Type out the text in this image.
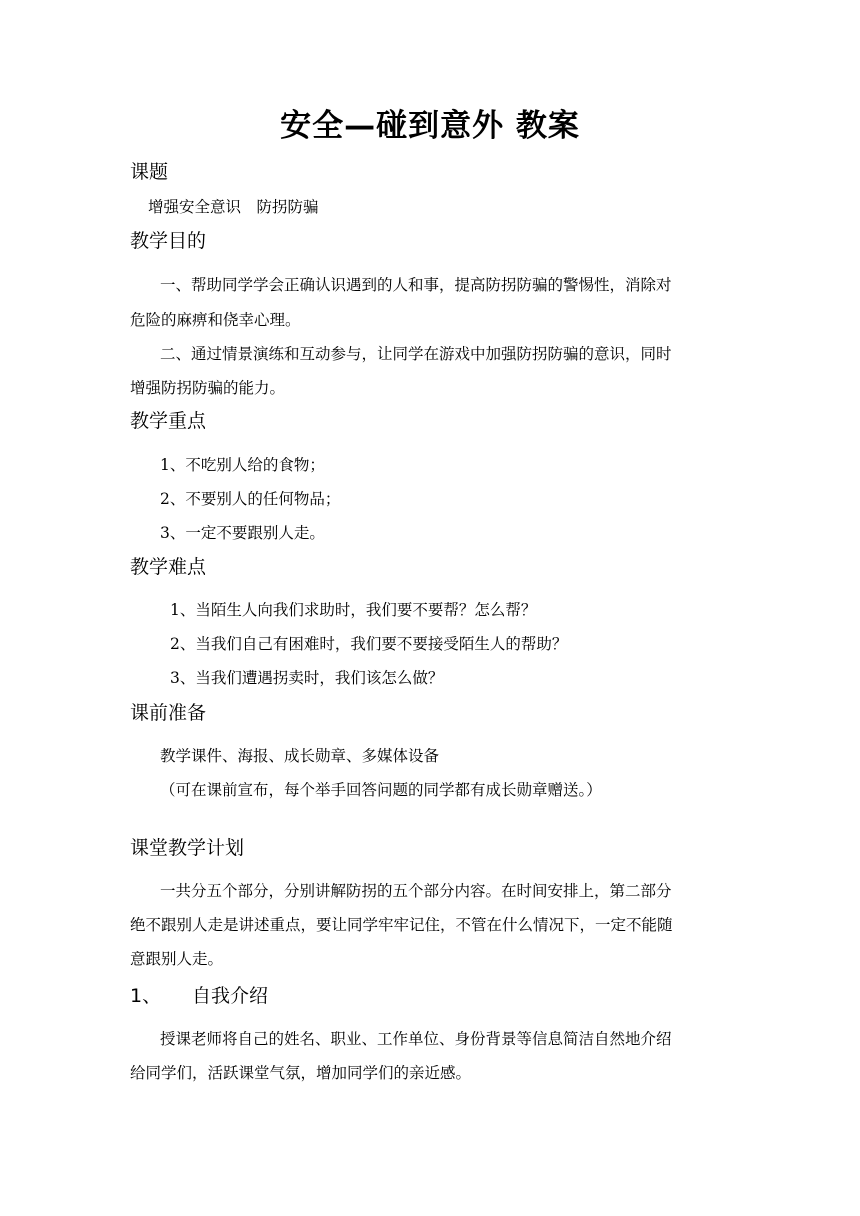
安全—碰到意外 教案
课题
增强安全意识　防拐防骗
教学目的
一、帮助同学学会正确认识遇到的人和事，提高防拐防骗的警惕性，消除对
危险的麻痹和侥幸心理。
二、通过情景演练和互动参与，让同学在游戏中加强防拐防骗的意识，同时
增强防拐防骗的能力。
教学重点
1、不吃别人给的食物；
2、不要别人的任何物品；
3、一定不要跟别人走。
教学难点
1、当陌生人向我们求助时，我们要不要帮？怎么帮？
2、当我们自己有困难时，我们要不要接受陌生人的帮助？
3、当我们遭遇拐卖时，我们该怎么做？
课前准备
教学课件、海报、成长勋章、多媒体设备
（可在课前宣布，每个举手回答问题的同学都有成长勋章赠送。）
课堂教学计划
一共分五个部分，分别讲解防拐的五个部分内容。在时间安排上，第二部分
绝不跟别人走是讲述重点，要让同学牢牢记住，不管在什么情况下，一定不能随
意跟别人走。
1、 自我介绍
授课老师将自己的姓名、职业、工作单位、身份背景等信息简洁自然地介绍
给同学们，活跃课堂气氛，增加同学们的亲近感。
